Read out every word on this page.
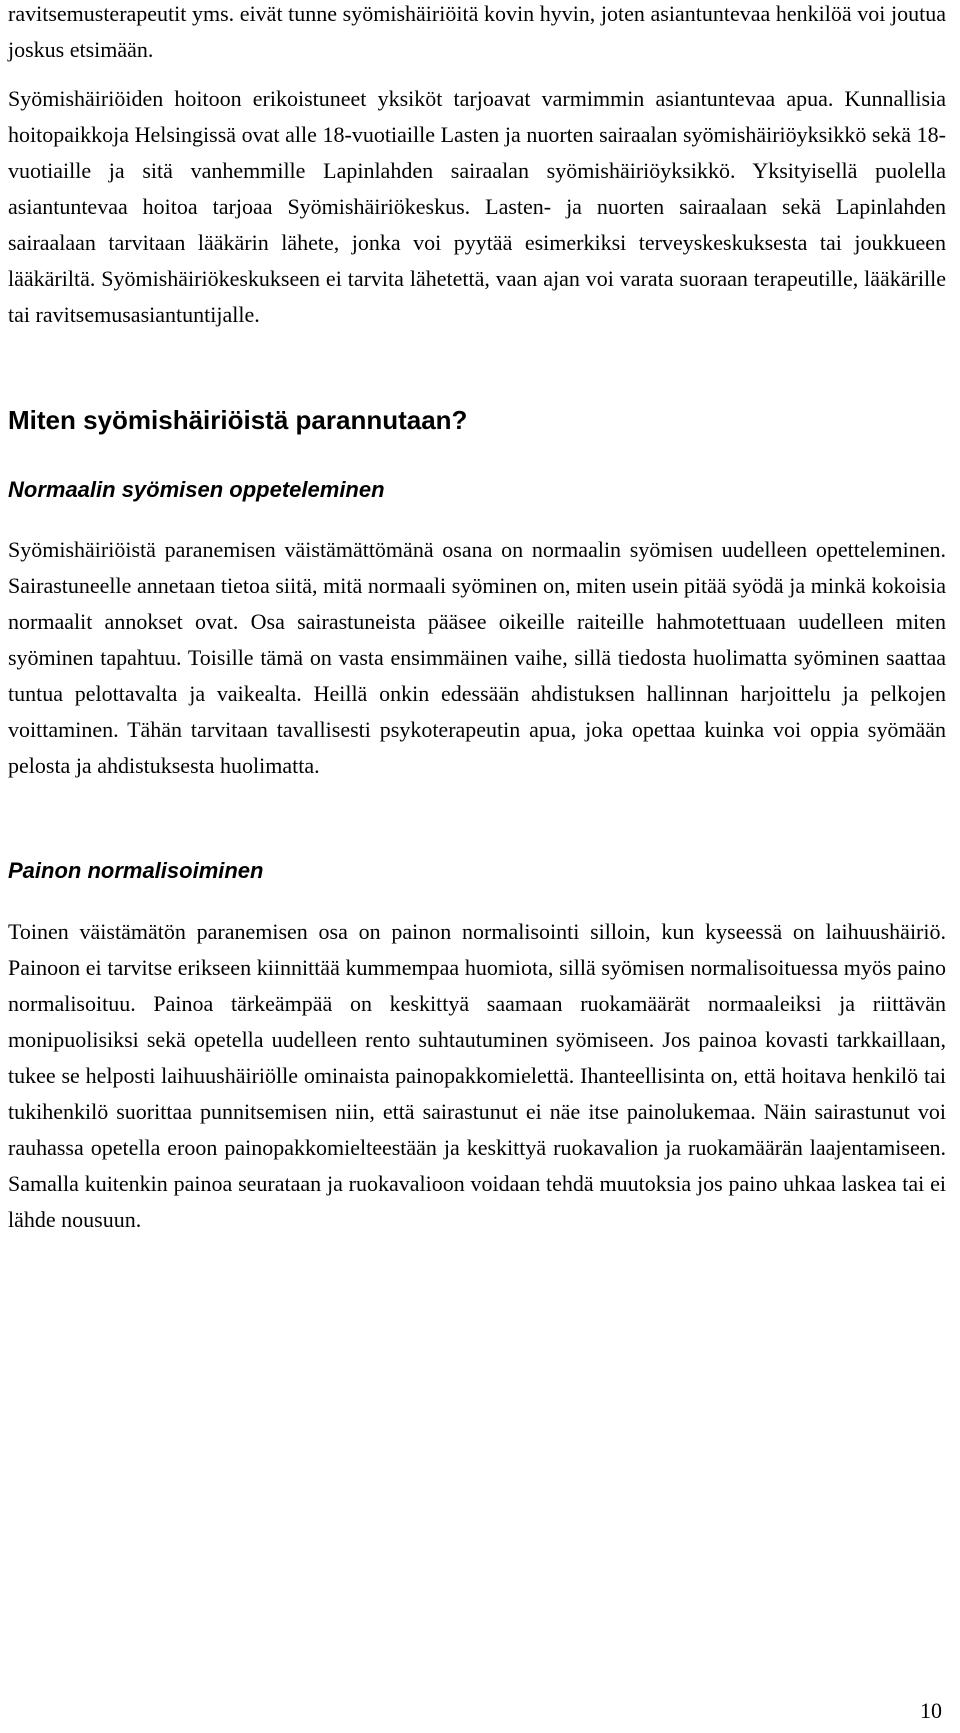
ravitsemusterapeutit yms. eivät tunne syömishäiriöitä kovin hyvin, joten asiantuntevaa henkilöä voi joutua joskus etsimään.

Syömishäiriöiden hoitoon erikoistuneet yksiköt tarjoavat varmimmin asiantuntevaa apua. Kunnallisia hoitopaikkoja Helsingissä ovat alle 18-vuotiaille Lasten ja nuorten sairaalan syömishäiriöyksikkö sekä 18-vuotiaille ja sitä vanhemmille Lapinlahden sairaalan syömishäiriöyksikkö. Yksityisellä puolella asiantuntevaa hoitoa tarjoaa Syömishäiriökeskus. Lasten- ja nuorten sairaalaan sekä Lapinlahden sairaalaan tarvitaan lääkärin lähete, jonka voi pyytää esimerkiksi terveyskeskuksesta tai joukkueen lääkäriltä. Syömishäiriökeskukseen ei tarvita lähetettä, vaan ajan voi varata suoraan terapeutille, lääkärille tai ravitsemusasiantuntijalle.

Miten syömishäiriöistä parannutaan?
Normaalin syömisen oppeteleminen

Syömishäiriöistä paranemisen väistämättömänä osana on normaalin syömisen uudelleen opetteleminen. Sairastuneelle annetaan tietoa siitä, mitä normaali syöminen on, miten usein pitää syödä ja minkä kokoisia normaalit annokset ovat. Osa sairastuneista pääsee oikeille raiteille hahmotettuaan uudelleen miten syöminen tapahtuu. Toisille tämä on vasta ensimmäinen vaihe, sillä tiedosta huolimatta syöminen saattaa tuntua pelottavalta ja vaikealta. Heillä onkin edessään ahdistuksen hallinnan harjoittelu ja pelkojen voittaminen. Tähän tarvitaan tavallisesti psykoterapeutin apua, joka opettaa kuinka voi oppia syömään pelosta ja ahdistuksesta huolimatta.

Painon normalisoiminen

Toinen väistämätön paranemisen osa on painon normalisointi silloin, kun kyseessä on laihuushäiriö. Painoon ei tarvitse erikseen kiinnittää kummempaa huomiota, sillä syömisen normalisoituessa myös paino normalisoituu. Painoa tärkeämpää on keskittyä saamaan ruokamäärät normaaleiksi ja riittävän monipuolisiksi sekä opetella uudelleen rento suhtautuminen syömiseen. Jos painoa kovasti tarkkaillaan, tukee se helposti laihuushäiriölle ominaista painopakkomielettä. Ihanteellisinta on, että hoitava henkilö tai tukihenkilö suorittaa punnitsemisen niin, että sairastunut ei näe itse painolukemaa. Näin sairastunut voi rauhassa opetella eroon painopakkomielteestään ja keskittyä ruokavalion ja ruokamäärän laajentamiseen. Samalla kuitenkin painoa seurataan ja ruokavalioon voidaan tehdä muutoksia jos paino uhkaa laskea tai ei lähde nousuun.

10
